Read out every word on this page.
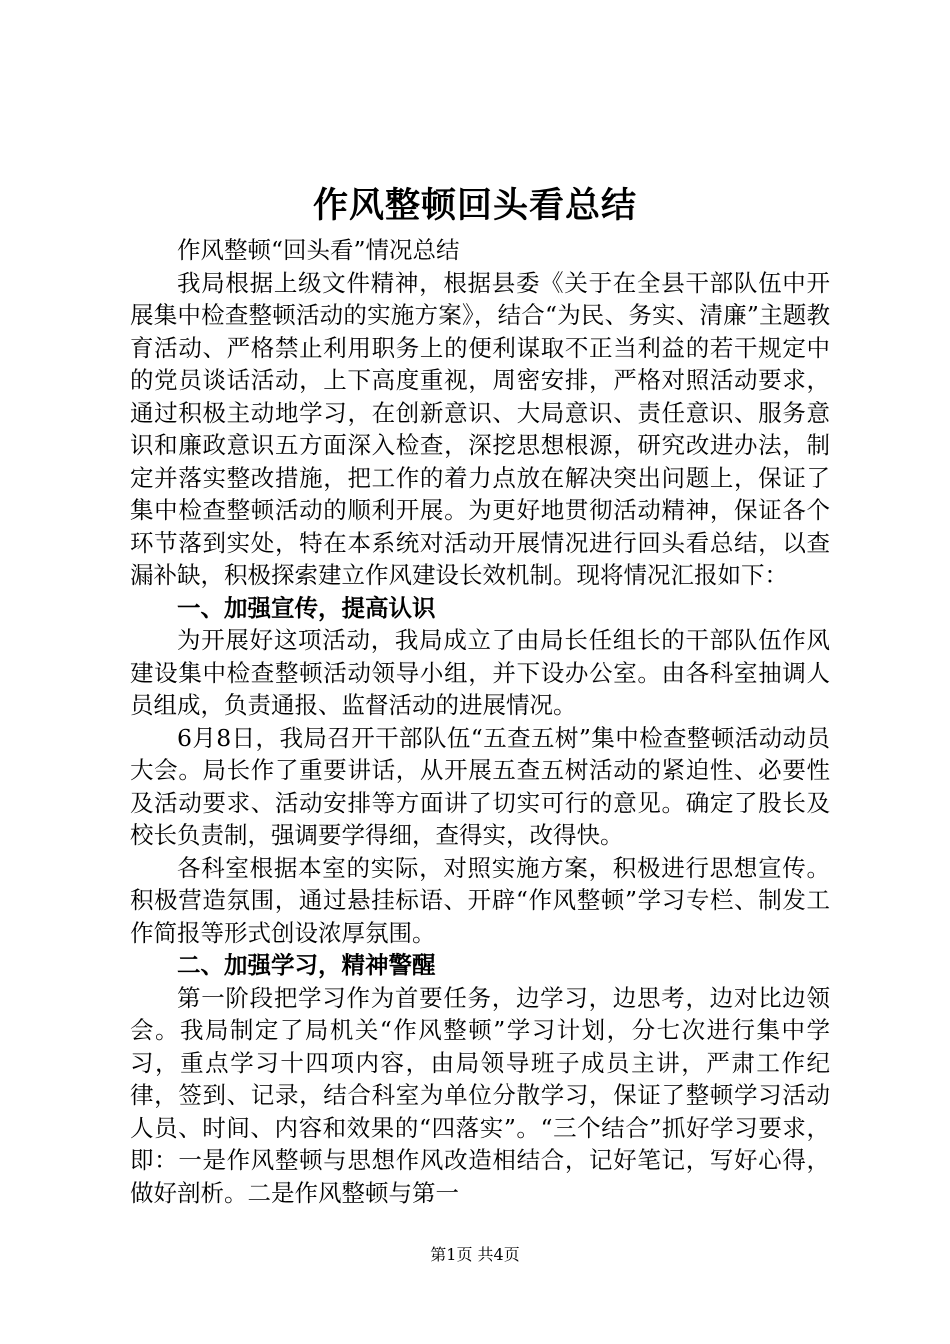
作风整顿回头看总结

作风整顿“回头看”情况总结

我局根据上级文件精神，根据县委《关于在全县干部队伍中开展集中检查整顿活动的实施方案》，结合“为民、务实、清廉”主题教育活动、严格禁止利用职务上的便利谋取不正当利益的若干规定中的党员谈话活动，上下高度重视，周密安排，严格对照活动要求，通过积极主动地学习，在创新意识、大局意识、责任意识、服务意识和廉政意识五方面深入检查，深挖思想根源，研究改进办法，制定并落实整改措施，把工作的着力点放在解决突出问题上，保证了集中检查整顿活动的顺利开展。为更好地贯彻活动精神，保证各个环节落到实处，特在本系统对活动开展情况进行回头看总结，以查漏补缺，积极探索建立作风建设长效机制。现将情况汇报如下：

一、加强宣传，提高认识

为开展好这项活动，我局成立了由局长任组长的干部队伍作风建设集中检查整顿活动领导小组，并下设办公室。由各科室抽调人员组成，负责通报、监督活动的进展情况。

6月8日，我局召开干部队伍“五查五树”集中检查整顿活动动员大会。局长作了重要讲话，从开展五查五树活动的紧迫性、必要性及活动要求、活动安排等方面讲了切实可行的意见。确定了股长及校长负责制，强调要学得细，查得实，改得快。

各科室根据本室的实际，对照实施方案，积极进行思想宣传。积极营造氛围，通过悬挂标语、开辟“作风整顿”学习专栏、制发工作简报等形式创设浓厚氛围。

二、加强学习，精神警醒

第一阶段把学习作为首要任务，边学习，边思考，边对比边领会。我局制定了局机关“作风整顿”学习计划，分七次进行集中学习，重点学习十四项内容，由局领导班子成员主讲，严肃工作纪律，签到、记录，结合科室为单位分散学习，保证了整顿学习活动人员、时间、内容和效果的“四落实”。“三个结合”抓好学习要求，即：一是作风整顿与思想作风改造相结合，记好笔记，写好心得，做好剖析。二是作风整顿与第一

第1页 共4页
